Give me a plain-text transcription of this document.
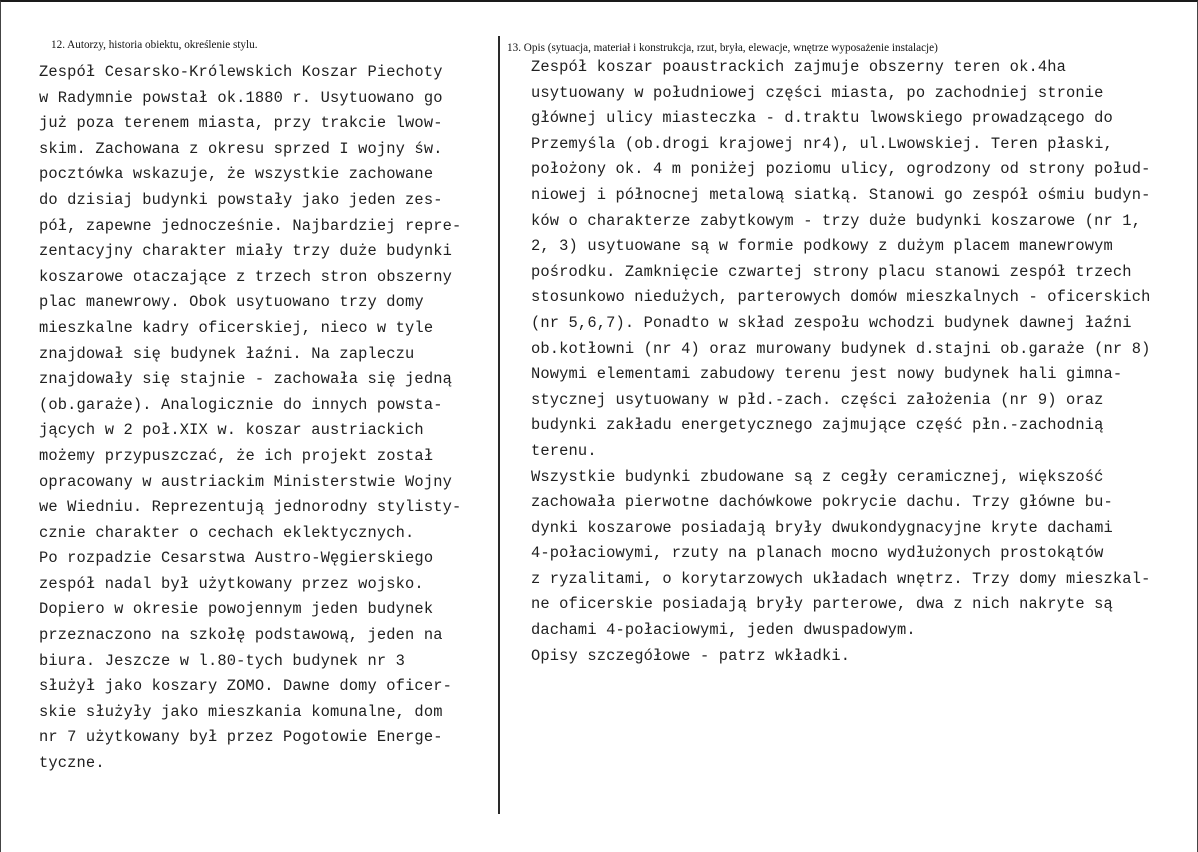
12. Autorzy, historia obiektu, określenie stylu.	13. Opis (sytuacja, materiał i konstrukcja, rzut, bryła, elewacje, wnętrze wyposażenie instalacje)
Zespół Cesarsko-Królewskich Koszar Piechoty
w Radymnie powstał ok.1880 r. Usytuowano go
już poza terenem miasta, przy trakcie lwow-
skim. Zachowana z okresu sprzed I wojny św.
pocztówka wskazuje, że wszystkie zachowane
do dzisiaj budynki powstały jako jeden zes-
pół, zapewne jednocześnie. Najbardziej repre-
zentacyjny charakter miały trzy duże budynki
koszarowe otaczające z trzech stron obszerny
plac manewrowy. Obok usytuowano trzy domy
mieszkalne kadry oficerskiej, nieco w tyle
znajdował się budynek łaźni. Na zapleczu
znajdowały się stajnie - zachowała się jedną
(ob.garaże). Analogicznie do innych powsta-
jących w 2 poł.XIX w. koszar austriackich
możemy przypuszczać, że ich projekt został
opracowany w austriackim Ministerstwie Wojny
we Wiedniu. Reprezentują jednorodny stylisty-
cznie charakter o cechach eklektycznych.
Po rozpadzie Cesarstwa Austro-Węgierskiego
zespół nadal był użytkowany przez wojsko.
Dopiero w okresie powojennym jeden budynek
przeznaczono na szkołę podstawową, jeden na
biura. Jeszcze w l.80-tych budynek nr 3
służył jako koszary ZOMO. Dawne domy oficer-
skie służyły jako mieszkania komunalne, dom
nr 7 użytkowany był przez Pogotowie Energe-
tyczne.
Zespół koszar poaustrackich zajmuje obszerny teren ok.4ha
usytuowany w południowej części miasta, po zachodniej stronie
głównej ulicy miasteczka - d.traktu lwowskiego prowadzącego do
Przemyśla (ob.drogi krajowej nr4), ul.Lwowskiej. Teren płaski,
położony ok. 4 m poniżej poziomu ulicy, ogrodzony od strony połud-
niowej i północnej metalową siatką. Stanowi go zespół ośmiu budyn-
ków o charakterze zabytkowym - trzy duże budynki koszarowe (nr 1,
2, 3) usytuowane są w formie podkowy z dużym placem manewrowym
pośrodku. Zamknięcie czwartej strony placu stanowi zespół trzech
stosunkowo niedużych, parterowych domów mieszkalnych - oficerskich
(nr 5,6,7). Ponadto w skład zespołu wchodzi budynek dawnej łaźni
ob.kotłowni (nr 4) oraz murowany budynek d.stajni ob.garaże (nr 8)
Nowymi elementami zabudowy terenu jest nowy budynek hali gimna-
stycznej usytuowany w płd.-zach. części założenia (nr 9) oraz
budynki zakładu energetycznego zajmujące część płn.-zachodnią
terenu.
Wszystkie budynki zbudowane są z cegły ceramicznej, większość
zachowała pierwotne dachówkowe pokrycie dachu. Trzy główne bu-
dynki koszarowe posiadają bryły dwukondygnacyjne kryte dachami
4-połaciowymi, rzuty na planach mocno wydłużonych prostokątów
z ryzalitami, o korytarzowych układach wnętrz. Trzy domy mieszkal-
ne oficerskie posiadają bryły parterowe, dwa z nich nakryte są
dachami 4-połaciowymi, jeden dwuspadowym.
Opisy szczegółowe - patrz wkładki.
